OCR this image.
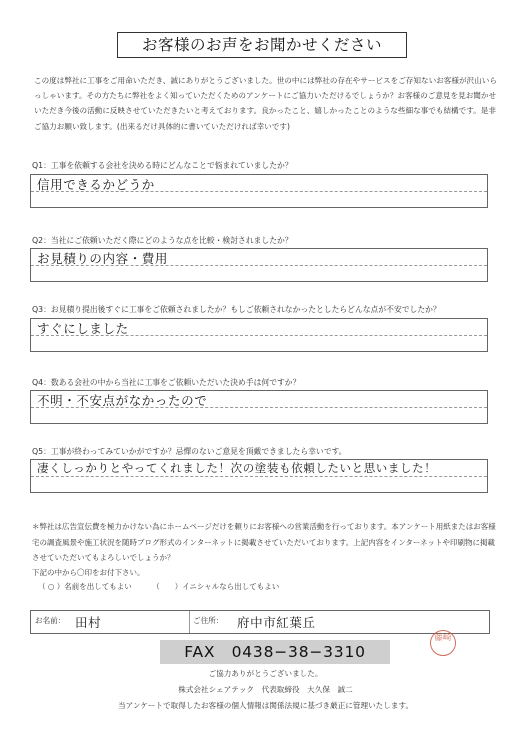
お客様のお声をお聞かせください
この度は弊社に工事をご用命いただき、誠にありがとうございました。世の中には弊社の存在やサービスをご存知ないお客様が沢山いらっしゃいます。その方たちに弊社をよく知っていただくためのアンケートにご協力いただけるでしょうか？お客様のご意見を見お聞かせいただき今後の活動に反映させていただきたいと考えております。良かったこと、嬉しかったことのような些細な事でも結構です。是非ご協力お願い致します。(出来るだけ具体的に書いていただければ幸いです)
Q1：工事を依頼する会社を決める時にどんなことで悩まれていましたか？
信用できるかどうか
Q2：当社にご依頼いただく際にどのような点を比較・検討されましたか？
お見積りの内容・費用
Q3：お見積り提出後すぐに工事をご依頼されましたか？もしご依頼されなかったとしたらどんな点が不安でしたか？
すぐにしました
Q4：数ある会社の中から当社に工事をご依頼いただいた決め手は何ですか？
不明・不安点がなかったので
Q5：工事が終わってみていかがですか？忌憚のないご意見を頂戴できましたら幸いです。
凄くしっかりとやってくれました！次の塗装も依頼したいと思いました！
＊弊社は広告宣伝費を極力かけない為にホームページだけを頼りにお客様への営業活動を行っております。本アンケート用紙またはお客様宅の調査風景や施工状況を随時ブログ形式のインターネットに掲載させていただいております。上記内容をインターネットや印刷物に掲載させていただいてもよろしいでしょうか？
下記の中から〇印をお付下さい。
（ ○ ）名前を出してもよい	（　　）イニシャルなら出してもよい
お名前： 田村	ご住所： 府中市紅葉丘
藤崎
FAX　0438−38−3310
ご協力ありがとうございました。
株式会社シェアテック　代表取締役　大久保　誠二
当アンケートで取得したお客様の個人情報は関係法規に基づき厳正に管理いたします。
